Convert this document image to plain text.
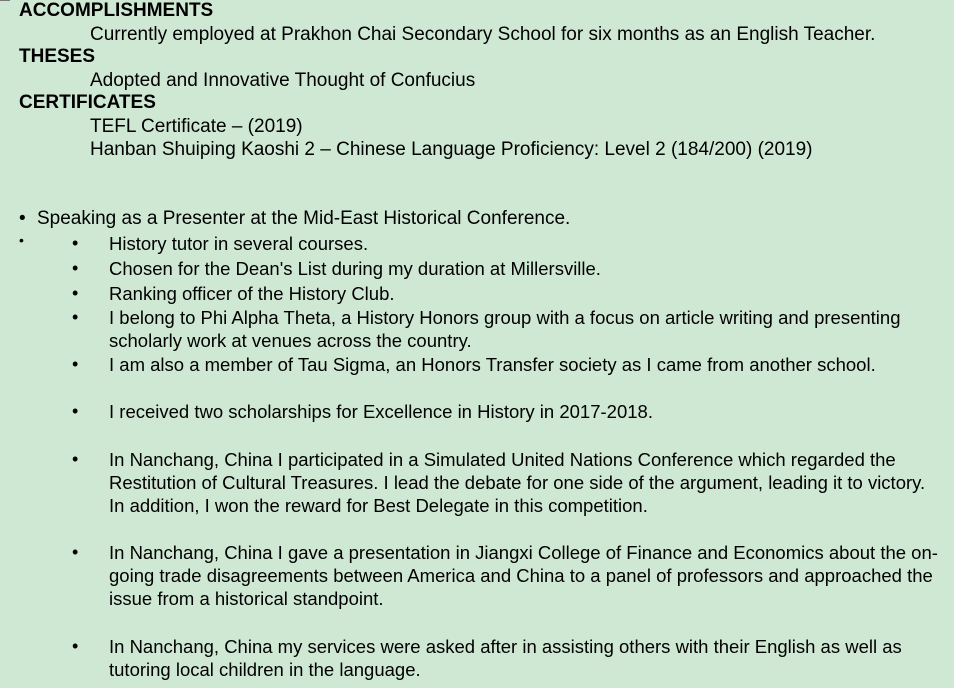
ACCOMPLISHMENTS
Currently employed at Prakhon Chai Secondary School for six months as an English Teacher.
THESES
Adopted and Innovative Thought of Confucius
CERTIFICATES
TEFL Certificate – (2019)
Hanban Shuiping Kaoshi 2 – Chinese Language Proficiency: Level 2 (184/200) (2019)
• Speaking as a Presenter at the Mid-East Historical Conference.
•	•	History tutor in several courses.
•	Chosen for the Dean's List during my duration at Millersville.
•	Ranking officer of the History Club.
•	I belong to Phi Alpha Theta, a History Honors group with a focus on article writing and presenting scholarly work at venues across the country.
•	I am also a member of Tau Sigma, an Honors Transfer society as I came from another school.
•	I received two scholarships for Excellence in History in 2017-2018.
•	In Nanchang, China I participated in a Simulated United Nations Conference which regarded the Restitution of Cultural Treasures. I lead the debate for one side of the argument, leading it to victory. In addition, I won the reward for Best Delegate in this competition.
•	In Nanchang, China I gave a presentation in Jiangxi College of Finance and Economics about the on-going trade disagreements between America and China to a panel of professors and approached the issue from a historical standpoint.
•	In Nanchang, China my services were asked after in assisting others with their English as well as tutoring local children in the language.
